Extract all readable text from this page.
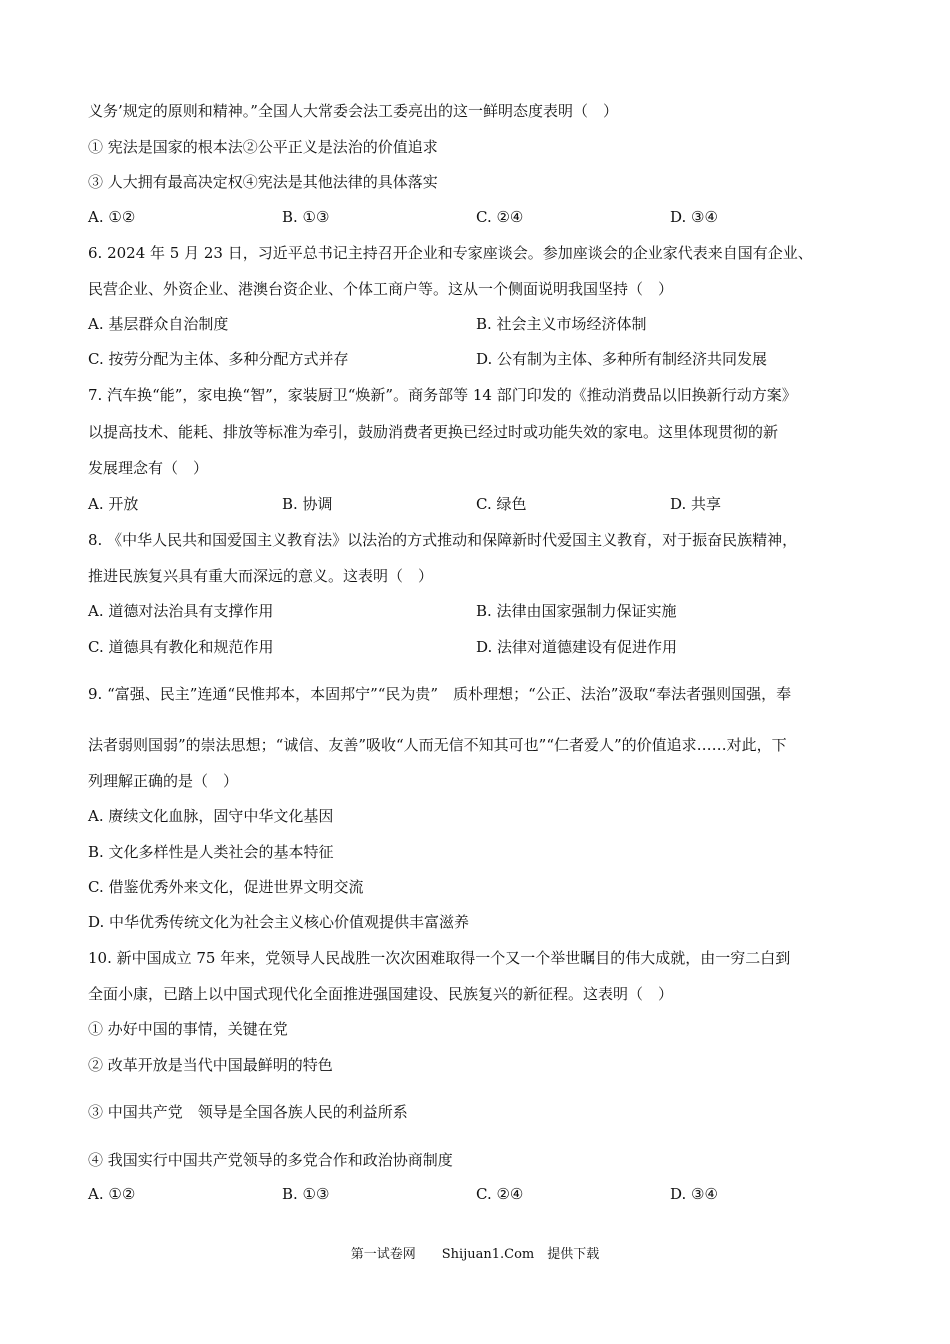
义务’规定的原则和精神。”全国人大常委会法工委亮出的这一鲜明态度表明（　）
① 宪法是国家的根本法②公平正义是法治的价值追求
③ 人大拥有最高决定权④宪法是其他法律的具体落实
A. ①②	B. ①③	C. ②④	D. ③④
6. 2024 年 5 月 23 日，习近平总书记主持召开企业和专家座谈会。参加座谈会的企业家代表来自国有企业、
民营企业、外资企业、港澳台资企业、个体工商户等。这从一个侧面说明我国坚持（　）
A. 基层群众自治制度	B. 社会主义市场经济体制
C. 按劳分配为主体、多种分配方式并存	D. 公有制为主体、多种所有制经济共同发展
7. 汽车换“能”，家电换“智”，家装厨卫“焕新”。商务部等 14 部门印发的《推动消费品以旧换新行动方案》
以提高技术、能耗、排放等标准为牵引，鼓励消费者更换已经过时或功能失效的家电。这里体现贯彻的新
发展理念有（　）
A. 开放	B. 协调	C. 绿色	D. 共享
8. 《中华人民共和国爱国主义教育法》以法治的方式推动和保障新时代爱国主义教育，对于振奋民族精神，
推进民族复兴具有重大而深远的意义。这表明（　）
A. 道德对法治具有支撑作用	B. 法律由国家强制力保证实施
C. 道德具有教化和规范作用	D. 法律对道德建设有促进作用
9. “富强、民主”连通“民惟邦本，本固邦宁”“民为贵”　质朴理想；“公正、法治”汲取“奉法者强则国强，奉
法者弱则国弱”的崇法思想；“诚信、友善”吸收“人而无信不知其可也”“仁者爱人”的价值追求……对此，下
列理解正确的是（　）
A. 赓续文化血脉，固守中华文化基因
B. 文化多样性是人类社会的基本特征
C. 借鉴优秀外来文化，促进世界文明交流
D. 中华优秀传统文化为社会主义核心价值观提供丰富滋养
10. 新中国成立 75 年来，党领导人民战胜一次次困难取得一个又一个举世瞩目的伟大成就，由一穷二白到
全面小康，已踏上以中国式现代化全面推进强国建设、民族复兴的新征程。这表明（　）
① 办好中国的事情，关键在党
② 改革开放是当代中国最鲜明的特色
③ 中国共产党　领导是全国各族人民的利益所系
④ 我国实行中国共产党领导的多党合作和政治协商制度
A. ①②	B. ①③	C. ②④	D. ③④
第一试卷网　　Shijuan1.Com　提供下载
